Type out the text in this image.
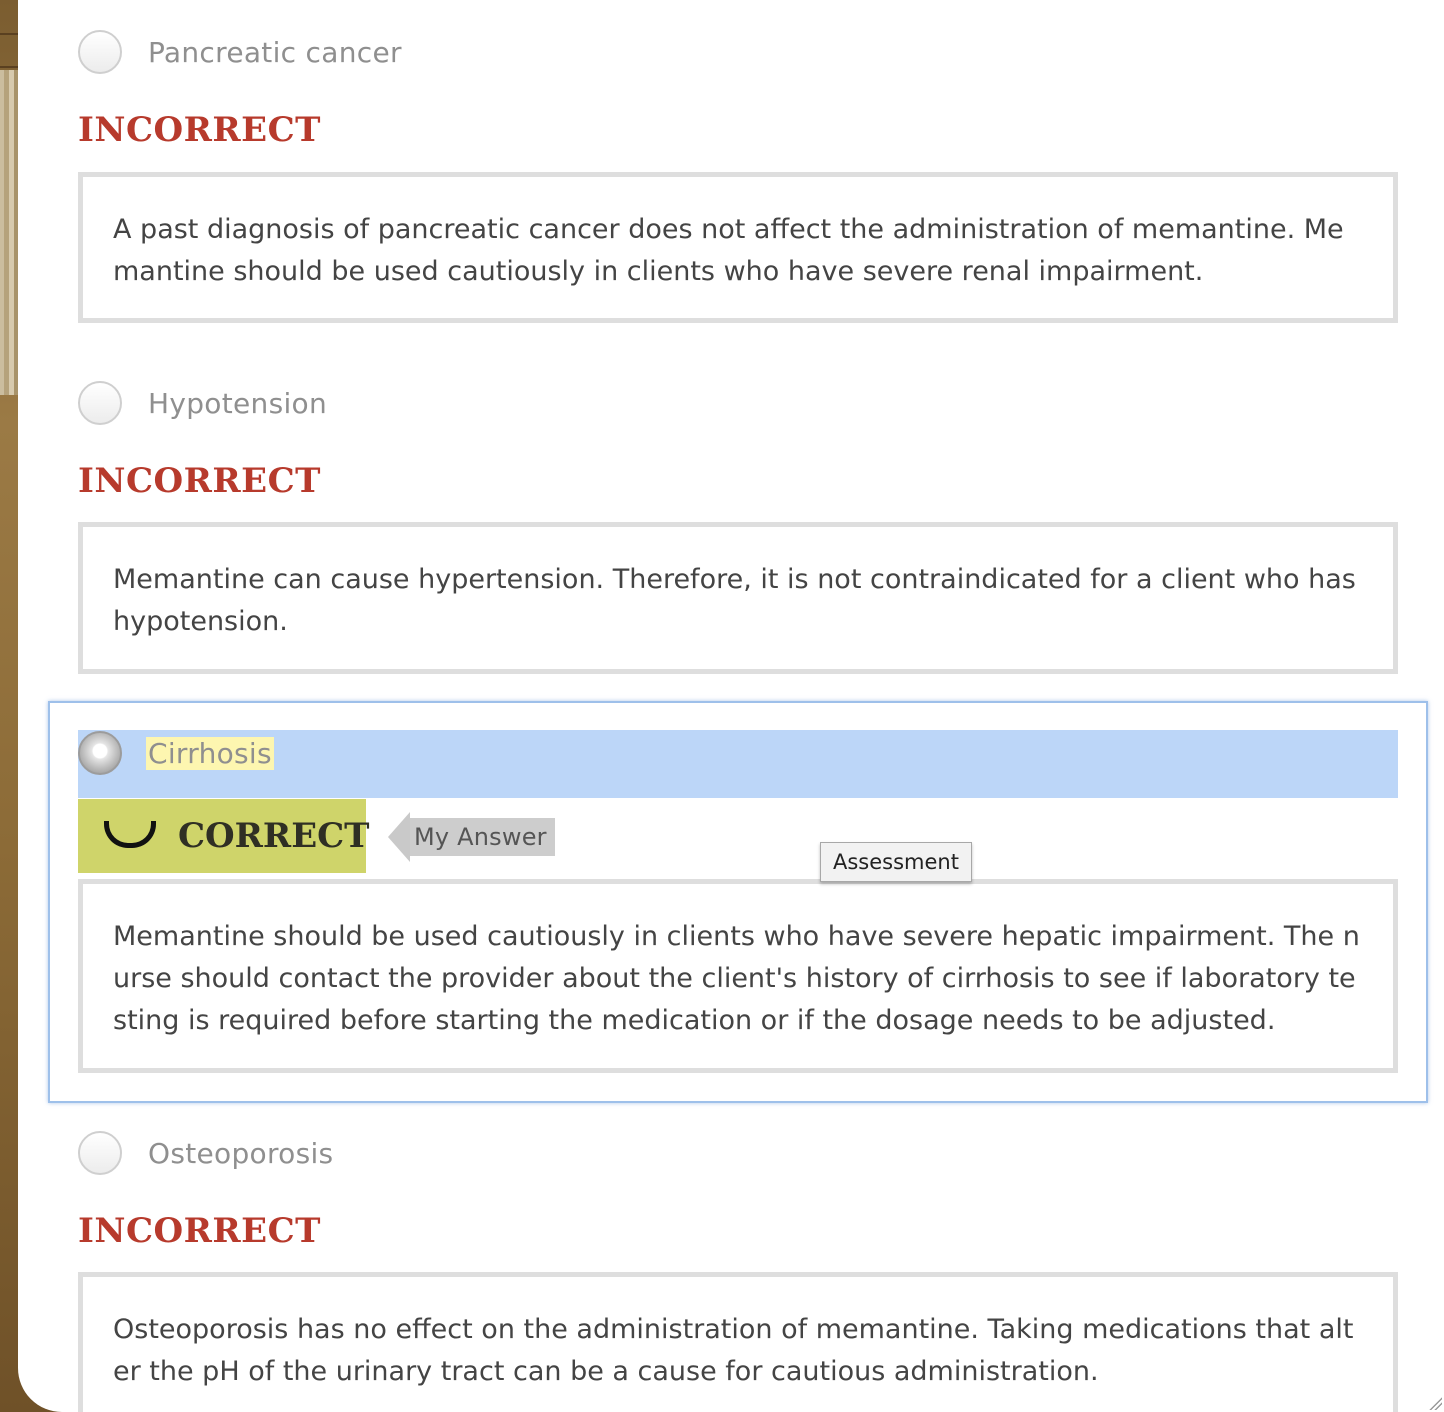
Pancreatic cancer
INCORRECT
A past diagnosis of pancreatic cancer does not affect the administration of memantine. Memantine should be used cautiously in clients who have severe renal impairment.
Hypotension
INCORRECT
Memantine can cause hypertension. Therefore, it is not contraindicated for a client who has hypotension.
Cirrhosis
CORRECT My Answer
Memantine should be used cautiously in clients who have severe hepatic impairment. The nurse should contact the provider about the client's history of cirrhosis to see if laboratory testing is required before starting the medication or if the dosage needs to be adjusted.
Assessment
Osteoporosis
INCORRECT
Osteoporosis has no effect on the administration of memantine. Taking medications that alter the pH of the urinary tract can be a cause for cautious administration.
